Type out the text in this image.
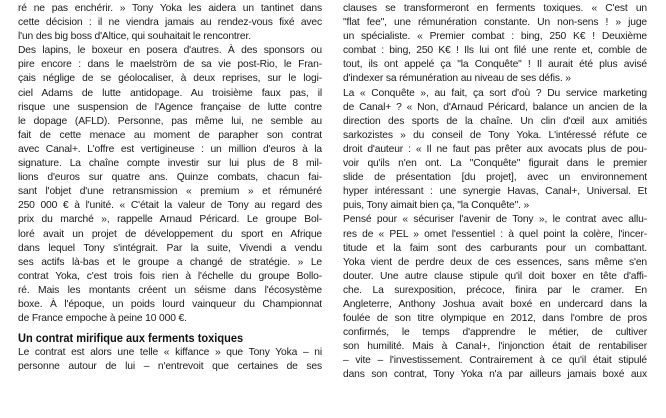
ré ne pas enchérir. » Tony Yoka les aidera un tantinet dans
cette décision : il ne viendra jamais au rendez-vous fixé avec
l'un des big boss d'Altice, qui souhaitait le rencontrer.
Des lapins, le boxeur en posera d'autres. À des sponsors ou
pire encore : dans le maelström de sa vie post-Rio, le Fran-
çais néglige de se géolocaliser, à deux reprises, sur le logi-
ciel Adams de lutte antidopage. Au troisième faux pas, il
risque une suspension de l'Agence française de lutte contre
le dopage (AFLD). Personne, pas même lui, ne semble au
fait de cette menace au moment de parapher son contrat
avec Canal+. L'offre est vertigineuse : un million d'euros à la
signature. La chaîne compte investir sur lui plus de 8 mil-
lions d'euros sur quatre ans. Quinze combats, chacun fai-
sant l'objet d'une retransmission « premium » et rémunéré
250 000 € à l'unité. « C'était la valeur de Tony au regard des
prix du marché », rappelle Arnaud Péricard. Le groupe Bol-
loré avait un projet de développement du sport en Afrique
dans lequel Tony s'intégrait. Par la suite, Vivendi a vendu
ses actifs là-bas et le groupe a changé de stratégie. » Le
contrat Yoka, c'est trois fois rien à l'échelle du groupe Bollo-
ré. Mais les montants créent un séisme dans l'écosystème
boxe. À l'époque, un poids lourd vainqueur du Championnat
de France empoche à peine 10 000 €.
Un contrat mirifique aux ferments toxiques
Le contrat est alors une telle « kiffance » que Tony Yoka – ni
personne autour de lui – n'entrevoit que certaines de ses
clauses se transformeront en ferments toxiques. « C'est un
"flat fee", une rémunération constante. Un non-sens ! » juge
un spécialiste. « Premier combat : bing, 250 K€ ! Deuxième
combat : bing, 250 K€ ! Ils lui ont filé une rente et, comble de
tout, ils ont appelé ça "la Conquête" ! Il aurait été plus avisé
d'indexer sa rémunération au niveau de ses défis. »
La « Conquête », au fait, ça sort d'où ? Du service marketing
de Canal+ ? « Non, d'Arnaud Péricard, balance un ancien de la
direction des sports de la chaîne. Un clin d'œil aux amitiés
sarkozistes » du conseil de Tony Yoka. L'intéressé réfute ce
droit d'auteur : « Il ne faut pas prêter aux avocats plus de pou-
voir qu'ils n'en ont. La "Conquête" figurait dans le premier
slide de présentation [du projet], avec un environnement
hyper intéressant : une synergie Havas, Canal+, Universal. Et
puis, Tony aimait bien ça, "la Conquête". »
Pensé pour « sécuriser l'avenir de Tony », le contrat avec allu-
res de « PEL » omet l'essentiel : à quel point la colère, l'incer-
titude et la faim sont des carburants pour un combattant.
Yoka vient de perdre deux de ces essences, sans même s'en
douter. Une autre clause stipule qu'il doit boxer en tête d'affi-
che. La surexposition, précoce, finira par le cramer. En
Angleterre, Anthony Joshua avait boxé en undercard dans la
foulée de son titre olympique en 2012, dans l'ombre de pros
confirmés, le temps d'apprendre le métier, de cultiver
son humilité. Mais à Canal+, l'injonction était de rentabiliser
– vite – l'investissement. Contrairement à ce qu'il était stipulé
dans son contrat, Tony Yoka n'a par ailleurs jamais boxé aux
